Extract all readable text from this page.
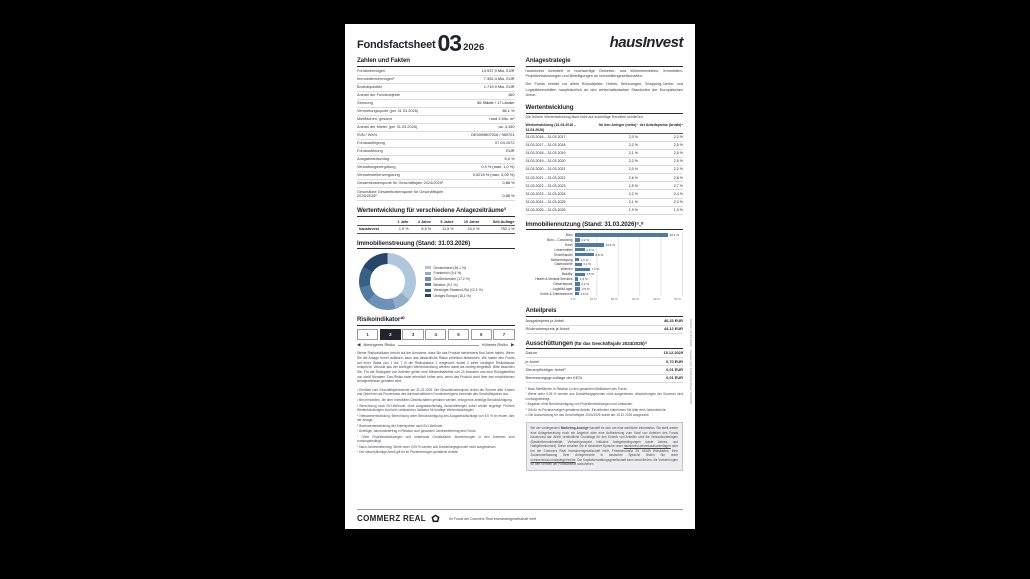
Fondsfactsheet 03 2026	hausInvest
Zahlen und Fakten
Fondsvermögen	14.937,9 Mio. EUR
Immobilienvermögen²	7.352,4 Mio. EUR
Bruttoliquidität	1.719,9 Mio. EUR
Anzahl der Fondsobjekte	160
Streuung	56 Städte / 17 Länder
Vermietungsquote (per 31.03.2026)	86,1 %
Mietflächen, gesamt	rund 3 Mio. m²
Anzahl der Mieter (per 31.03.2026)	ca. 4.190
ISIN / WKN	DE0009807016 / 980701
Fondsauflegung	07.04.1972
Fondswährung	EUR
Ausgabeaufschlag	5,0 %
Verwaltungsvergütung	0,9 % (max. 1,0 %)
Verwahrstellenvergütung	0,0215 % (max. 0,05 %)
Gesamtkostenquote für Geschäftsjahr 2024/2025¹	0,88 %
Geschätzte Gesamtkostenquote für Geschäftsjahr 2025/2026²	0,88 %
Wertentwicklung für verschiedene Anlagezeiträume³
	1 Jahr	3 Jahre	5 Jahre	10 Jahre	Seit Auflage
hausInvest	1,9 %	8,5 %	11,5 %	24,0 %	752,1 %
Immobilienstreuung (Stand: 31.03.2026)
Deutschland (36,1 %)
Frankreich (9,4 %)
Großbritannien (17,2 %)
Benelux (9,1 %)
Vereinigte Staaten/USA (12,1 %)
Übriges Europa (16,1 %)
Risikoindikator¹⁰
1	2	3	4	5	6	7
◀ Niedrigeres Risiko	Höheres Risiko ▶
Dieser Risikoindikator beruht auf der Annahme, dass Sie das Produkt mindestens fünf Jahre halten. Wenn Sie die Anlage früher auflösen, kann das tatsächliche Risiko erheblich abweichen. Wir haben den Fonds auf einer Skala von 1 bis 7 in die Risikoklasse 2 eingestuft, wobei 2 einer niedrigen Risikoklasse entspricht. Verluste aus der künftigen Wertentwicklung werden damit als niedrig eingestuft. Bitte beachten Sie: Für die Rückgabe von Anteilen gelten eine Mindesthaltefrist von 24 Monaten und eine Rückgabefrist von zwölf Monaten. Das Risiko kann erheblich höher sein, wenn das Produkt nicht über den empfohlenen Anlagezeitraum gehalten wird.
¹ Ermittelt zum Geschäftsjahresende am 31.03.2025. Die Gesamtkostenquote drückt die Summe aller Kosten und Gebühren als Prozentsatz des durchschnittlichen Fondsvermögens innerhalb des Geschäftsjahres aus.
² Bei Immobilien, die über Immobilien-Gesellschaften gehalten werden, erfolgt eine anteilige Berücksichtigung.
³ Berechnung nach BVI-Methode: ohne Ausgabeaufschlag, Ausschüttungen sofort wieder angelegt. Frühere Wertentwicklungen sind kein verlässlicher Indikator für künftige Wertentwicklungen.
⁴ Nettowertentwicklung: Berechnung unter Berücksichtigung des Ausgabeaufschlags von 5,0 % im ersten Jahr der Anlage.
⁵ Bruttowertentwicklung der Anteilspreise nach BVI-Methode.
⁶ Anteiliger Jahresmietertrag in Relation zum gesamten Jahresmietertrag des Fonds.
⁷ Ohne Projektentwicklungen und unbebaute Grundstücke; Abweichungen in den Summen sind rundungsbedingt.
⁸ Nach Jahresmietertrag; Werte unter 0,05 % werden aus Darstellungsgründen nicht ausgewiesen.
⁹ Der steuerpflichtige Anteil gilt für im Privatvermögen gehaltene Anteile.
Anlagestrategie
hausInvest investiert in hochwertige Gewerbe- und Wohnimmobilien, Immobilien-Projektentwicklungen und Beteiligungen an Immobiliengesellschaften.
Der Fonds erwirbt vor allem Büroobjekte, Hotels, Wohnungen, Shopping-Center und Logistikimmobilien hauptsächlich an den wirtschaftsstarken Standorten der Europäischen Union.
Wertentwicklung
Die frühere Wertentwicklung lässt nicht auf zukünftige Renditen schließen.
Wertentwicklung (31.03.2016 – 31.03.2026)
für den Anleger (netto)⁴ der Anteilspreise (brutto)⁵
31.03.2016 – 31.03.2017	2,0 %	2,2 %
31.03.2017 – 31.03.2018	2,2 %	2,5 %
31.03.2018 – 31.03.2019	2,1 %	2,5 %
31.03.2019 – 31.03.2020	2,2 %	2,5 %
31.03.2020 – 31.03.2021	2,0 %	2,2 %
31.03.2021 – 31.03.2022	2,6 %	2,8 %
31.03.2022 – 31.03.2023	2,5 %	2,7 %
31.03.2023 – 31.03.2024	2,2 %	2,4 %
31.03.2024 – 31.03.2025	2,1 %	2,3 %
31.03.2025 – 31.03.2026	1,9 %	1,9 %
Immobiliennutzung (Stand: 31.03.2026)⁵,⁸
Büro	43,4 %
Büro – Coworking	2,2 %
Hotel	13,5 %
Lebensmittel	4,5 %
Einzelhandel	8,8 %
Nahversorgung	1,9 %
Gastronomie	3,1 %
Wohnen	7,0 %
Mobility	4,5 %
Health & Medical Services	1,6 %
Gewerbepark	2,2 %
Logistik/Lager	2,5 %
Kultur & Entertainment	1,8 %
0 %	10 %	20 %	30 %	40 %	50 %
Anteilpreis
Ausgabepreis je Anteil	46,33 EUR
Rücknahmepreis je Anteil	44,12 EUR
Ausschüttungen (für das Geschäftsjahr 2024/2025)¹¹
Datum	15.12.2025
je Anteil	0,70 EUR
Steuerpflichtiger Anteil⁹	0,01 EUR
Bemessungsgrundlage der KESt	0,01 EUR
⁶ Nach Mietflächen in Relation zu den gesamten Mietflächen des Fonds.
⁷ Werte unter 0,05 % werden aus Darstellungsgründen nicht ausgewiesen. Abweichungen der Summen sind rundungsbedingt.
⁸ Angaben ohne Berücksichtigung von Projektentwicklungen und Umbauten.
⁹ Gilt für im Privatvermögen gehaltene Anteile; Einzelheiten entnehmen Sie bitte dem Jahresbericht.
¹¹ Die Ausschüttung für das Geschäftsjahr 2024/2025 wurde am 15.12.2025 ausgezahlt.
Bei der vorliegenden Marketing-Anzeige handelt es sich um eine werbliche Information. Sie stellt weder eine Anlageberatung noch ein Angebot oder eine Aufforderung zum Kauf von Anteilen des Fonds hausInvest dar. Allein verbindliche Grundlage für den Erwerb von Anteilen sind die Verkaufsunterlagen (Basisinformationsblatt, Verkaufsprospekt inklusive Anlagebedingungen sowie Jahres- und Halbjahresbericht). Diese erhalten Sie in deutscher Sprache unter hausinvest.de/verkaufsunterlagen oder bei der Commerz Real Investmentgesellschaft mbH, Friedrichstraße 25, 65185 Wiesbaden. Eine Zusammenfassung Ihrer Anlegerrechte in deutscher Sprache finden Sie unter commerzreal.com/anlegerrechte. Die Kapitalverwaltungsgesellschaft kann beschließen, die Vorkehrungen für den Vertrieb der Fondsanteile aufzuheben.
COMMERZ REAL	Ihr Fonds der Commerz Real Investmentgesellschaft mbH
Stand: 31.03.2026 · hausInvest Fondsfactsheet 03/2026
